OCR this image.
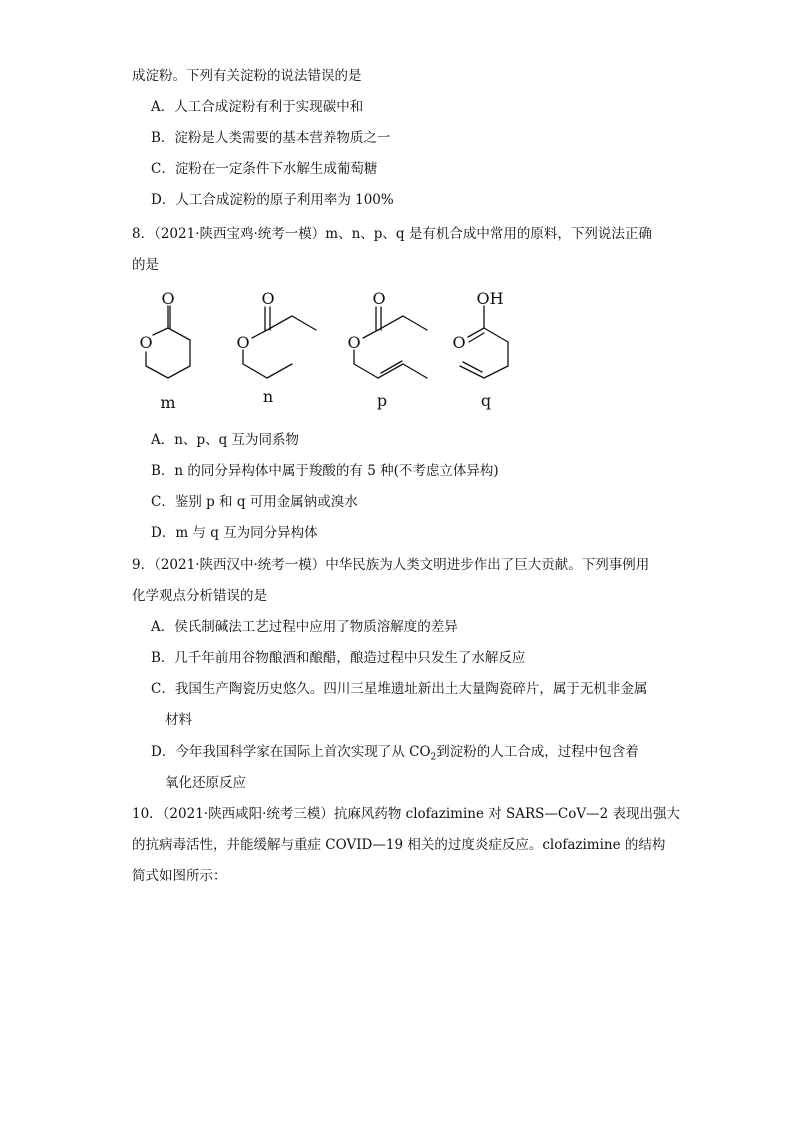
成淀粉。下列有关淀粉的说法错误的是
A．人工合成淀粉有利于实现碳中和
B．淀粉是人类需要的基本营养物质之一
C．淀粉在一定条件下水解生成葡萄糖
D．人工合成淀粉的原子利用率为 100%
8．（2021·陕西宝鸡·统考一模）m、n、p、q 是有机合成中常用的原料，下列说法正确
的是
O
O
m
O
O
n
O
O
p
OH
O
q
A．n、p、q 互为同系物
B．n 的同分异构体中属于羧酸的有 5 种(不考虑立体异构)
C．鉴别 p 和 q 可用金属钠或溴水
D．m 与 q 互为同分异构体
9．（2021·陕西汉中·统考一模）中华民族为人类文明进步作出了巨大贡献。下列事例用
化学观点分析错误的是
A．侯氏制碱法工艺过程中应用了物质溶解度的差异
B．几千年前用谷物酿酒和酿醋，酿造过程中只发生了水解反应
C．我国生产陶瓷历史悠久。四川三星堆遗址新出土大量陶瓷碎片，属于无机非金属
材料
D．今年我国科学家在国际上首次实现了从 $CO_2$到淀粉的人工合成，过程中包含着
氧化还原反应
10．（2021·陕西咸阳·统考三模）抗麻风药物 clofazimine 对 SARS—CoV—2 表现出强大
的抗病毒活性，并能缓解与重症 COVID—19 相关的过度炎症反应。clofazimine 的结构
简式如图所示：
